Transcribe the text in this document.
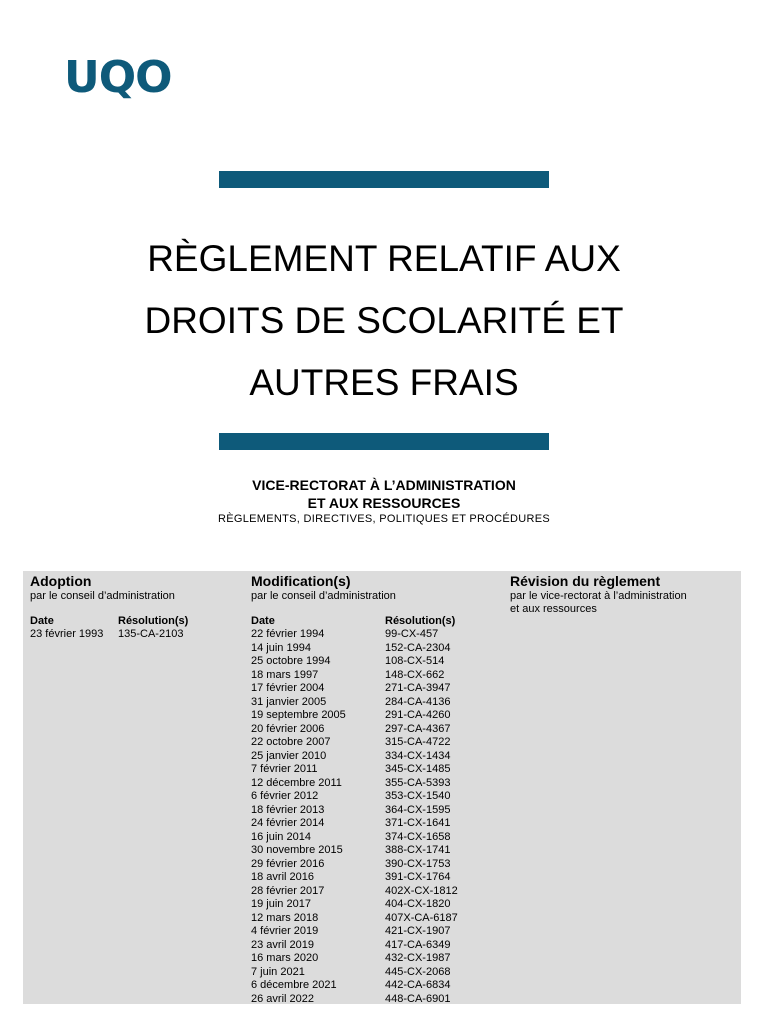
UQO
RÈGLEMENT RELATIF AUX
DROITS DE SCOLARITÉ ET
AUTRES FRAIS
VICE-RECTORAT À L’ADMINISTRATION
ET AUX RESSOURCES
RÈGLEMENTS, DIRECTIVES, POLITIQUES ET PROCÉDURES
Adoption
par le conseil d’administration
Date	Résolution(s)
23 février 1993 135-CA-2103
Modification(s)
par le conseil d’administration
Date	Résolution(s)
22 février 1994
14 juin 1994
25 octobre 1994
18 mars 1997
17 février 2004
31 janvier 2005
19 septembre 2005
20 février 2006
22 octobre 2007
25 janvier 2010
7 février 2011
12 décembre 2011
6 février 2012
18 février 2013
24 février 2014
16 juin 2014
30 novembre 2015
29 février 2016
18 avril 2016
28 février 2017
19 juin 2017
12 mars 2018
4 février 2019
23 avril 2019
16 mars 2020
7 juin 2021
6 décembre 2021
26 avril 2022
99-CX-457
152-CA-2304
108-CX-514
148-CX-662
271-CA-3947
284-CA-4136
291-CA-4260
297-CA-4367
315-CA-4722
334-CX-1434
345-CX-1485
355-CA-5393
353-CX-1540
364-CX-1595
371-CX-1641
374-CX-1658
388-CX-1741
390-CX-1753
391-CX-1764
402X-CX-1812
404-CX-1820
407X-CA-6187
421-CX-1907
417-CA-6349
432-CX-1987
445-CX-2068
442-CA-6834
448-CA-6901
Révision du règlement
par le vice-rectorat à l’administration
et aux ressources
